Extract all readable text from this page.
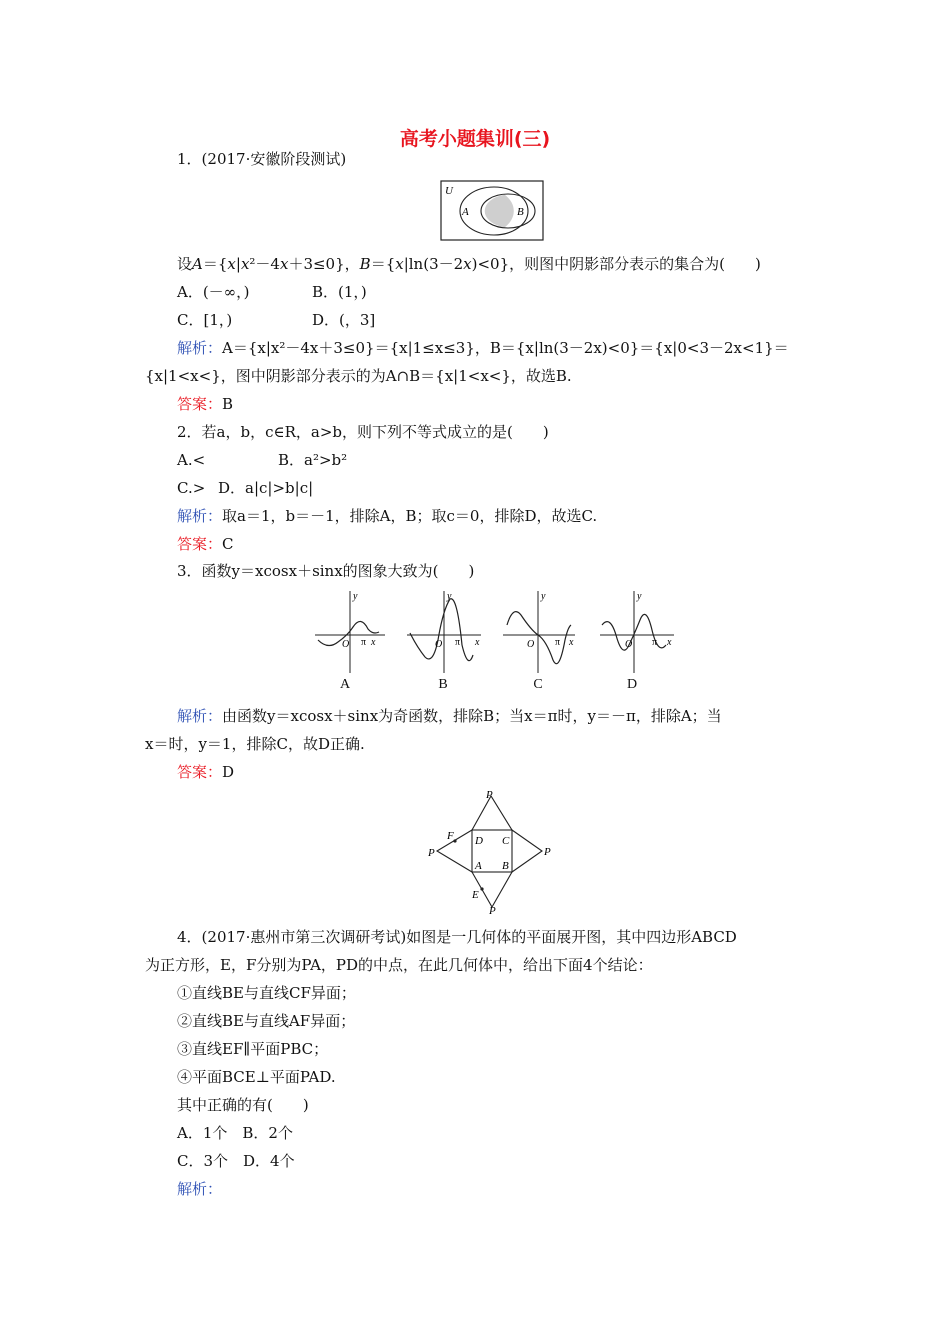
高考小题集训(三)
1．(2017·安徽阶段测试)
U
A	B
设A＝{x|x²－4x＋3≤0}，B＝{x|ln(3－2x)<0}，则图中阴影部分表示的集合为(　　)
A．(－∞，)	B．(1，)
C．[1，)	D．(，3]
解析：A＝{x|x²－4x＋3≤0}＝{x|1≤x≤3}，B＝{x|ln(3－2x)<0}＝{x|0<3－2x<1}＝
{x|1<x<}，图中阴影部分表示的为A∩B＝{x|1<x<}，故选B.
答案：B
2．若a，b，c∈R，a>b，则下列不等式成立的是(　　)
A.<	B．a²>b²
C.> D．a|c|>b|c|
解析：取a＝1，b＝－1，排除A，B；取c＝0，排除D，故选C.
答案：C
3．函数y＝xcosx＋sinx的图象大致为(　　)
y
x
O π
y
x
O π
y
x
O π
y
x
O π
A	B	C	D
解析：由函数y＝xcosx＋sinx为奇函数，排除B；当x＝π时，y＝－π，排除A；当
x＝时，y＝1，排除C，故D正确.
答案：D
P
P
P
P
D C
A B
F
E
4．(2017·惠州市第三次调研考试)如图是一几何体的平面展开图，其中四边形ABCD
为正方形，E，F分别为PA，PD的中点，在此几何体中，给出下面4个结论：
①直线BE与直线CF异面；
②直线BE与直线AF异面；
③直线EF∥平面PBC；
④平面BCE⊥平面PAD.
其中正确的有(　　)
A．1个　B．2个
C．3个　D．4个
解析：
